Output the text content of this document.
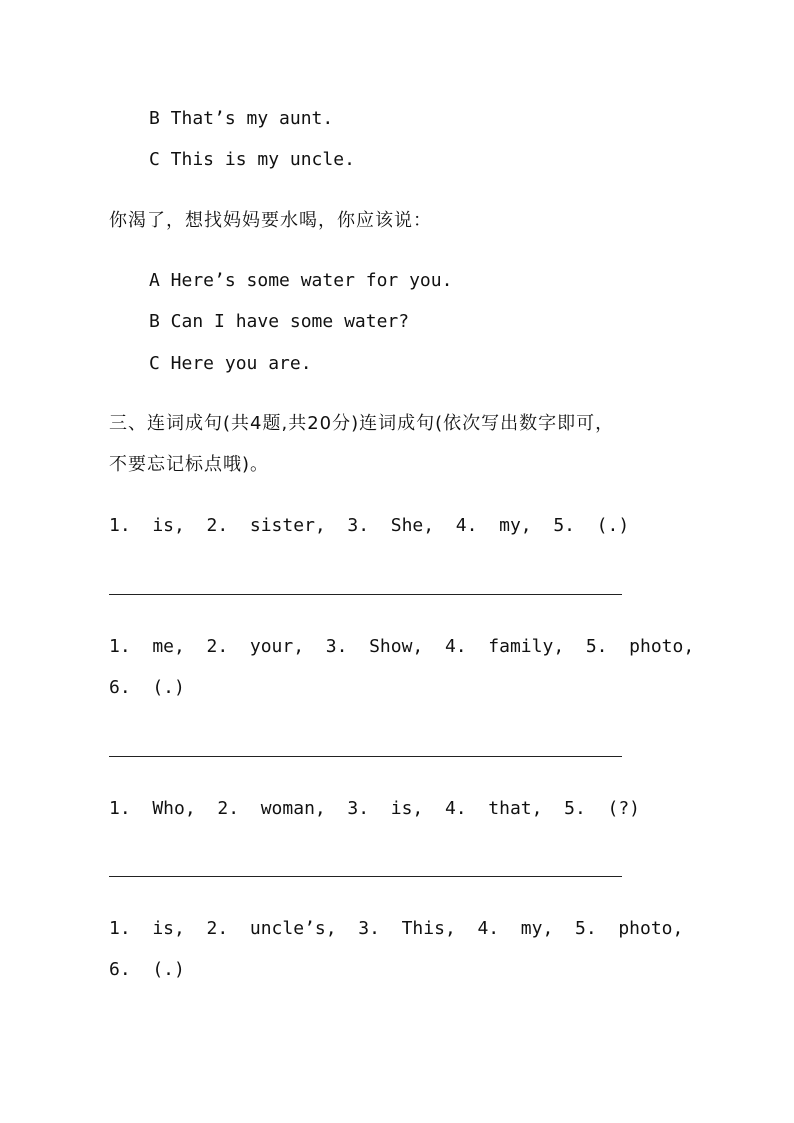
B That’s my aunt.
C This is my uncle.
你渴了，想找妈妈要水喝，你应该说：
A Here’s some water for you.
B Can I have some water?
C Here you are.
三、连词成句(共4题,共20分)连词成句(依次写出数字即可，
不要忘记标点哦)。
1.  is,  2.  sister,  3.  She,  4.  my,  5.  (.)
1.  me,  2.  your,  3.  Show,  4.  family,  5.  photo,
6.  (.)
1.  Who,  2.  woman,  3.  is,  4.  that,  5.  (?)
1.  is,  2.  uncle’s,  3.  This,  4.  my,  5.  photo,
6.  (.)
